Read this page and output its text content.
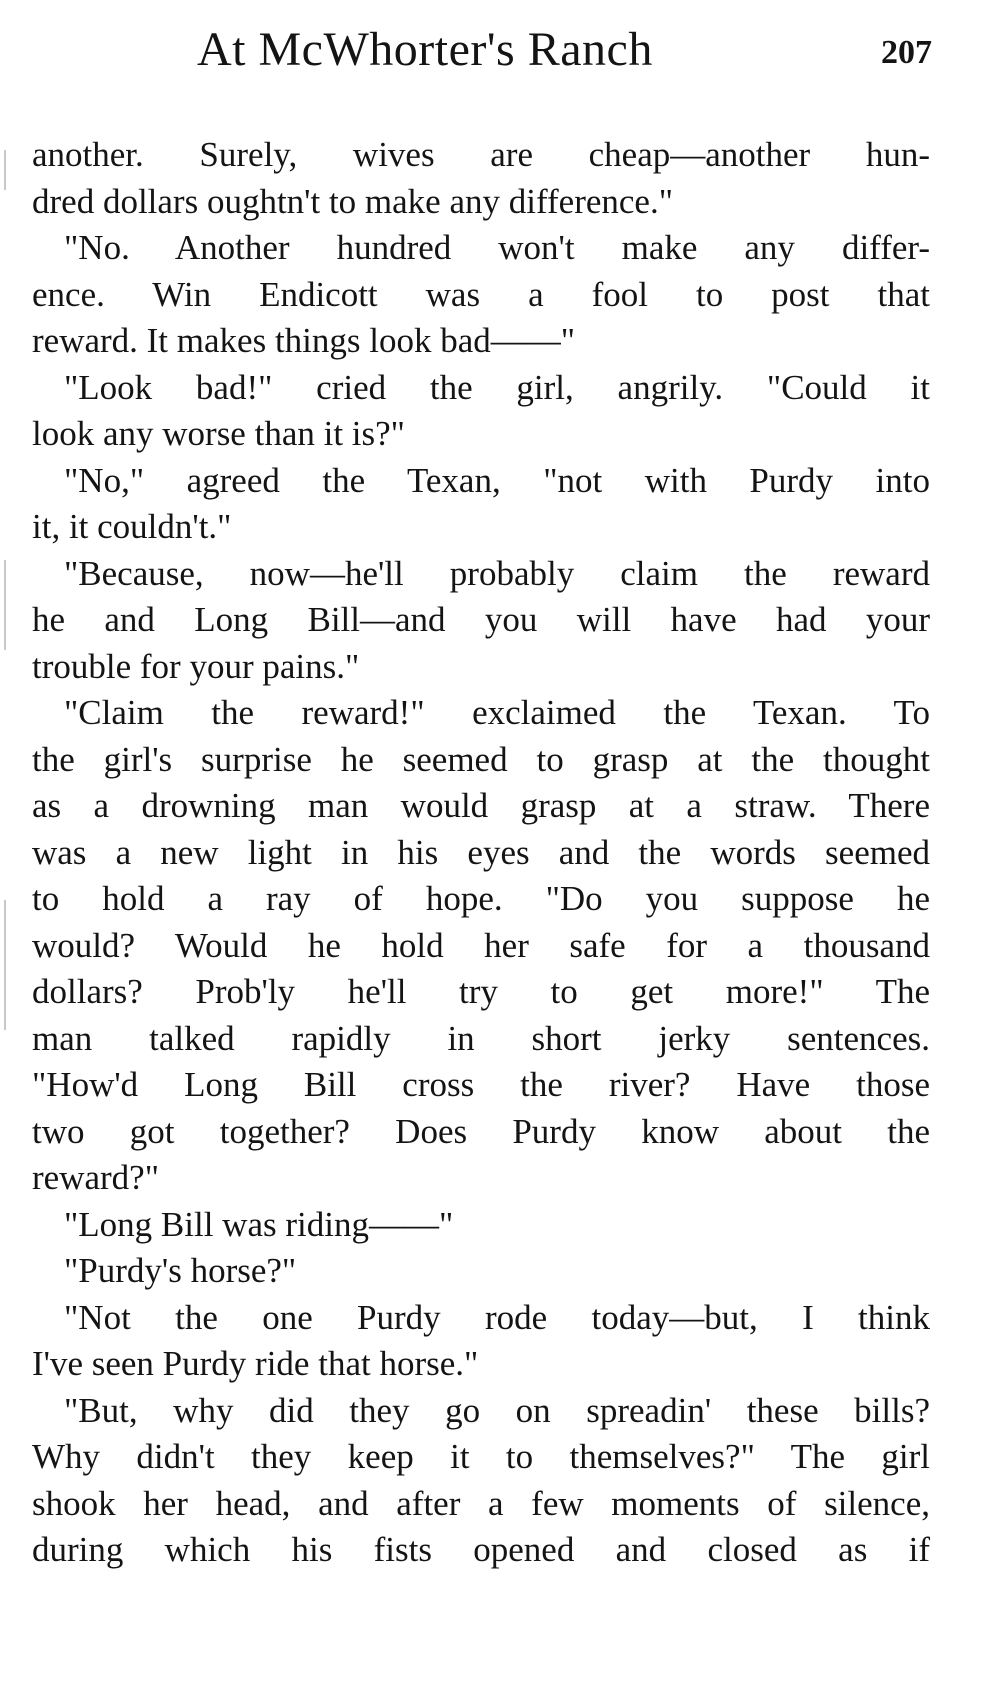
At McWhorter's Ranch	207
another. Surely, wives are cheap—another hun-
dred dollars oughtn't to make any difference."
"No. Another hundred won't make any differ-
ence. Win Endicott was a fool to post that
reward. It makes things look bad——"
"Look bad!" cried the girl, angrily. "Could it
look any worse than it is?"
"No," agreed the Texan, "not with Purdy into
it, it couldn't."
"Because, now—he'll probably claim the reward
he and Long Bill—and you will have had your
trouble for your pains."
"Claim the reward!" exclaimed the Texan. To
the girl's surprise he seemed to grasp at the thought
as a drowning man would grasp at a straw. There
was a new light in his eyes and the words seemed
to hold a ray of hope. "Do you suppose he
would? Would he hold her safe for a thousand
dollars? Prob'ly he'll try to get more!" The
man talked rapidly in short jerky sentences.
"How'd Long Bill cross the river? Have those
two got together? Does Purdy know about the
reward?"
"Long Bill was riding——"
"Purdy's horse?"
"Not the one Purdy rode today—but, I think
I've seen Purdy ride that horse."
"But, why did they go on spreadin' these bills?
Why didn't they keep it to themselves?" The girl
shook her head, and after a few moments of silence,
during which his fists opened and closed as if
